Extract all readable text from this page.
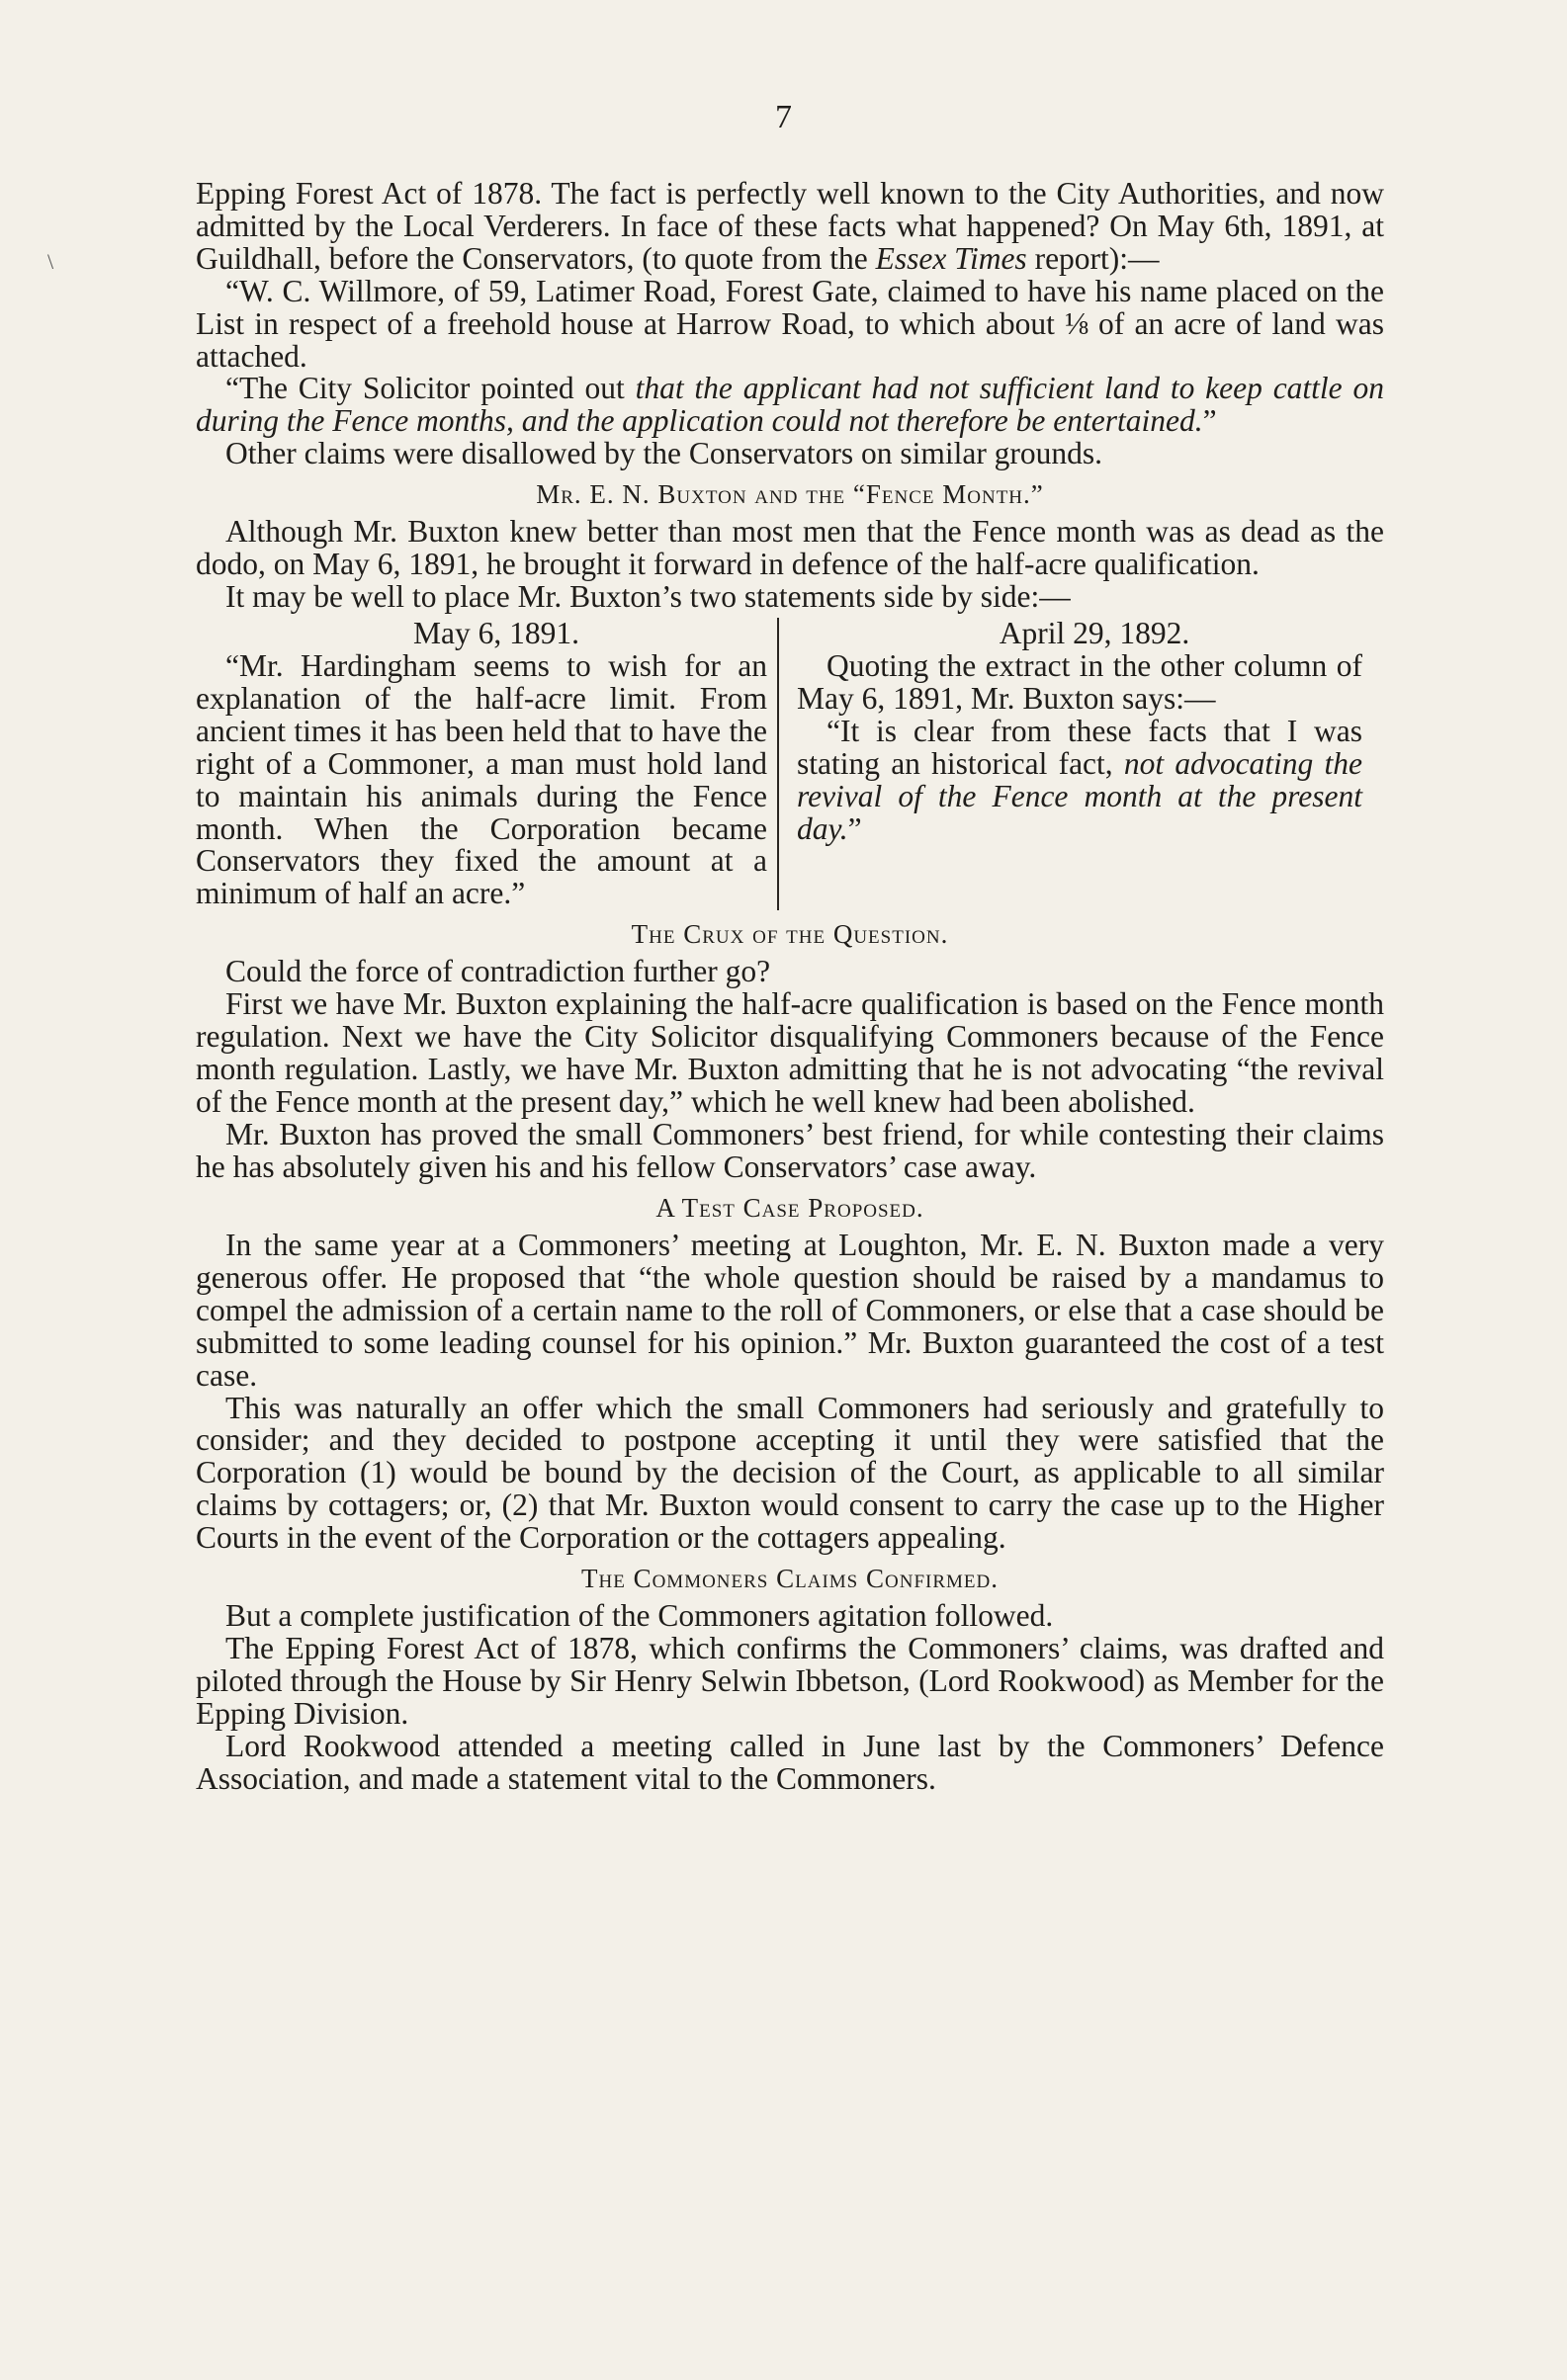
\
7

Epping Forest Act of 1878. The fact is perfectly well known to the City Authorities, and now admitted by the Local Verderers. In face of these facts what happened? On May 6th, 1891, at Guildhall, before the Conservators, (to quote from the Essex Times report):—

“W. C. Willmore, of 59, Latimer Road, Forest Gate, claimed to have his name placed on the List in respect of a freehold house at Harrow Road, to which about ⅛ of an acre of land was attached.

“The City Solicitor pointed out that the applicant had not sufficient land to keep cattle on during the Fence months, and the application could not therefore be entertained.”

Other claims were disallowed by the Conservators on similar grounds.

Mr. E. N. Buxton and the “Fence Month.”

Although Mr. Buxton knew better than most men that the Fence month was as dead as the dodo, on May 6, 1891, he brought it forward in defence of the half-acre qualification.

It may be well to place Mr. Buxton’s two statements side by side:—

May 6, 1891.

“Mr. Hardingham seems to wish for an explanation of the half-acre limit. From ancient times it has been held that to have the right of a Commoner, a man must hold land to maintain his animals during the Fence month. When the Corporation became Conservators they fixed the amount at a minimum of half an acre.”

April 29, 1892.

Quoting the extract in the other column of May 6, 1891, Mr. Buxton says:—

“It is clear from these facts that I was stating an historical fact, not advocating the revival of the Fence month at the present day.”

The Crux of the Question.

Could the force of contradiction further go?

First we have Mr. Buxton explaining the half-acre qualification is based on the Fence month regulation. Next we have the City Solicitor disqualifying Commoners because of the Fence month regulation. Lastly, we have Mr. Buxton admitting that he is not advocating “the revival of the Fence month at the present day,” which he well knew had been abolished.

Mr. Buxton has proved the small Commoners’ best friend, for while contesting their claims he has absolutely given his and his fellow Conservators’ case away.

A Test Case Proposed.

In the same year at a Commoners’ meeting at Loughton, Mr. E. N. Buxton made a very generous offer. He proposed that “the whole question should be raised by a mandamus to compel the admission of a certain name to the roll of Commoners, or else that a case should be submitted to some leading counsel for his opinion.” Mr. Buxton guaranteed the cost of a test case.

This was naturally an offer which the small Commoners had seriously and gratefully to consider; and they decided to postpone accepting it until they were satisfied that the Corporation (1) would be bound by the decision of the Court, as applicable to all similar claims by cottagers; or, (2) that Mr. Buxton would consent to carry the case up to the Higher Courts in the event of the Corporation or the cottagers appealing.

The Commoners Claims Confirmed.

But a complete justification of the Commoners agitation followed.

The Epping Forest Act of 1878, which confirms the Commoners’ claims, was drafted and piloted through the House by Sir Henry Selwin Ibbetson, (Lord Rookwood) as Member for the Epping Division.

Lord Rookwood attended a meeting called in June last by the Commoners’ Defence Association, and made a statement vital to the Commoners.
